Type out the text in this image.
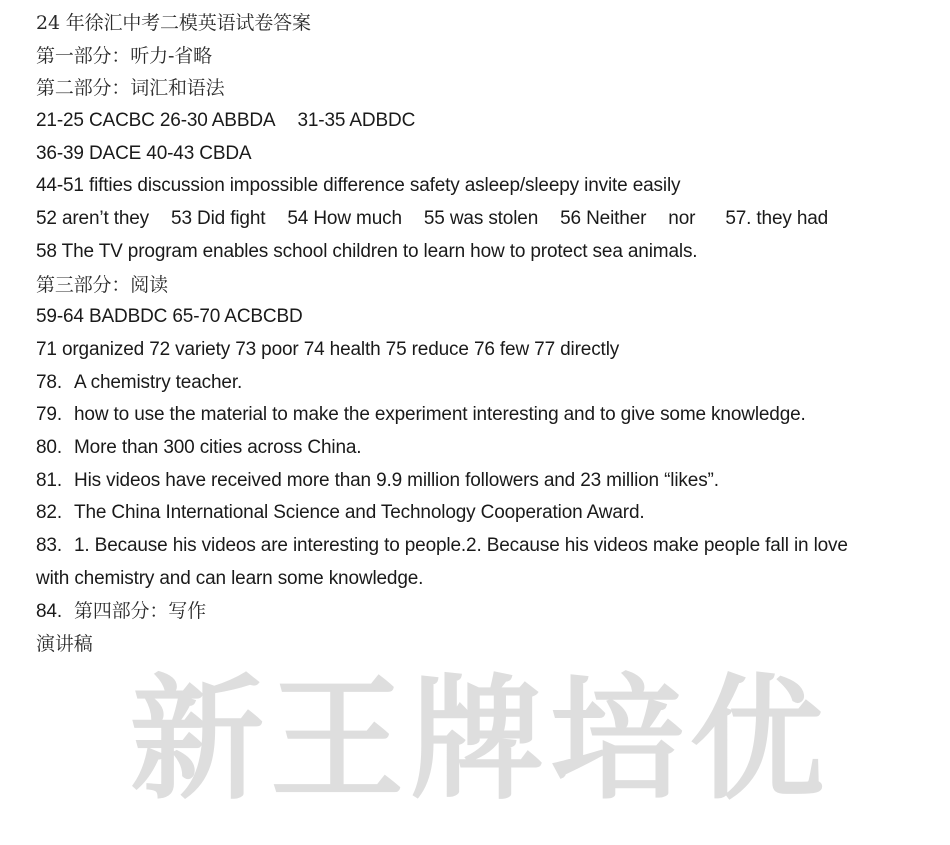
24 年徐汇中考二模英语试卷答案
第一部分：听力-省略
第二部分：词汇和语法
21-25 CACBC 26-30 ABBDA 31-35 ADBDC
36-39 DACE 40-43 CBDA
44-51 fifties discussion impossible difference safety asleep/sleepy invite easily
52 aren’t they 53 Did fight 54 How much 55 was stolen 56 Neither nor 57. they had
58 The TV program enables school children to learn how to protect sea animals.
第三部分：阅读
59-64 BADBDC 65-70 ACBCBD
71 organized 72 variety 73 poor 74 health 75 reduce 76 few 77 directly
78. A chemistry teacher.
79. how to use the material to make the experiment interesting and to give some knowledge.
80. More than 300 cities across China.
81. His videos have received more than 9.9 million followers and 23 million “likes”.
82. The China International Science and Technology Cooperation Award.
83. 1. Because his videos are interesting to people.2. Because his videos make people fall in love
with chemistry and can learn some knowledge.
84. 第四部分：写作
演讲稿
新王牌培优
